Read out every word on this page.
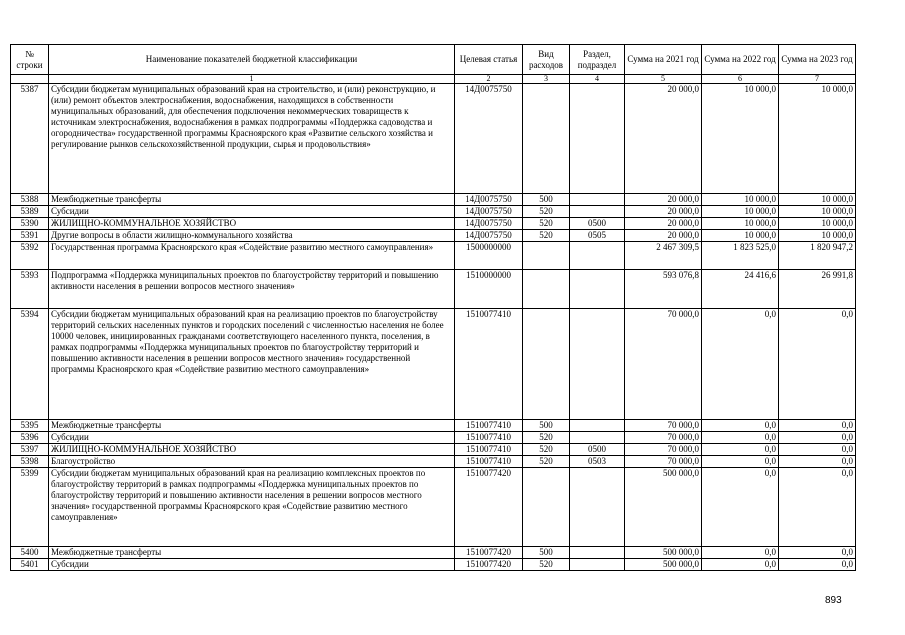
№ строки	Наименование показателей бюджетной классификации	Целевая статья	Вид расходов	Раздел, подраздел	Сумма на 2021 год	Сумма на 2022 год	Сумма на 2023 год
	1	2	3	4	5	6	7
5387	Субсидии бюджетам муниципальных образований края на строительство, и (или) реконструкцию, и (или) ремонт объектов электроснабжения, водоснабжения, находящихся в собственности муниципальных образований, для обеспечения подключения некоммерческих товариществ к источникам электроснабжения, водоснабжения в рамках подпрограммы «Поддержка садоводства и огородничества» государственной программы Красноярского края «Развитие сельского хозяйства и регулирование рынков сельскохозяйственной продукции, сырья и продовольствия»	14Д0075750			20 000,0	10 000,0	10 000,0
5388	Межбюджетные трансферты	14Д0075750	500		20 000,0	10 000,0	10 000,0
5389	Субсидии	14Д0075750	520		20 000,0	10 000,0	10 000,0
5390	ЖИЛИЩНО-КОММУНАЛЬНОЕ ХОЗЯЙСТВО	14Д0075750	520	0500	20 000,0	10 000,0	10 000,0
5391	Другие вопросы в области жилищно-коммунального хозяйства	14Д0075750	520	0505	20 000,0	10 000,0	10 000,0
5392	Государственная программа Красноярского края «Содействие развитию местного самоуправления»	1500000000			2 467 309,5	1 823 525,0	1 820 947,2
5393	Подпрограмма «Поддержка муниципальных проектов по благоустройству территорий и повышению активности населения в решении вопросов местного значения»	1510000000			593 076,8	24 416,6	26 991,8
5394	Субсидии бюджетам муниципальных образований края на реализацию проектов по благоустройству территорий сельских населенных пунктов и городских поселений с численностью населения не более 10000 человек, инициированных гражданами соответствующего населенного пункта, поселения, в рамках подпрограммы «Поддержка муниципальных проектов по благоустройству территорий и повышению активности населения в решении вопросов местного значения» государственной программы Красноярского края «Содействие развитию местного самоуправления»	1510077410			70 000,0	0,0	0,0
5395	Межбюджетные трансферты	1510077410	500		70 000,0	0,0	0,0
5396	Субсидии	1510077410	520		70 000,0	0,0	0,0
5397	ЖИЛИЩНО-КОММУНАЛЬНОЕ ХОЗЯЙСТВО	1510077410	520	0500	70 000,0	0,0	0,0
5398	Благоустройство	1510077410	520	0503	70 000,0	0,0	0,0
5399	Субсидии бюджетам муниципальных образований края на реализацию комплексных проектов по благоустройству территорий в рамках подпрограммы «Поддержка муниципальных проектов по благоустройству территорий и повышению активности населения в решении вопросов местного значения» государственной программы Красноярского края «Содействие развитию местного самоуправления»	1510077420			500 000,0	0,0	0,0
5400	Межбюджетные трансферты	1510077420	500		500 000,0	0,0	0,0
5401	Субсидии	1510077420	520		500 000,0	0,0	0,0
893
